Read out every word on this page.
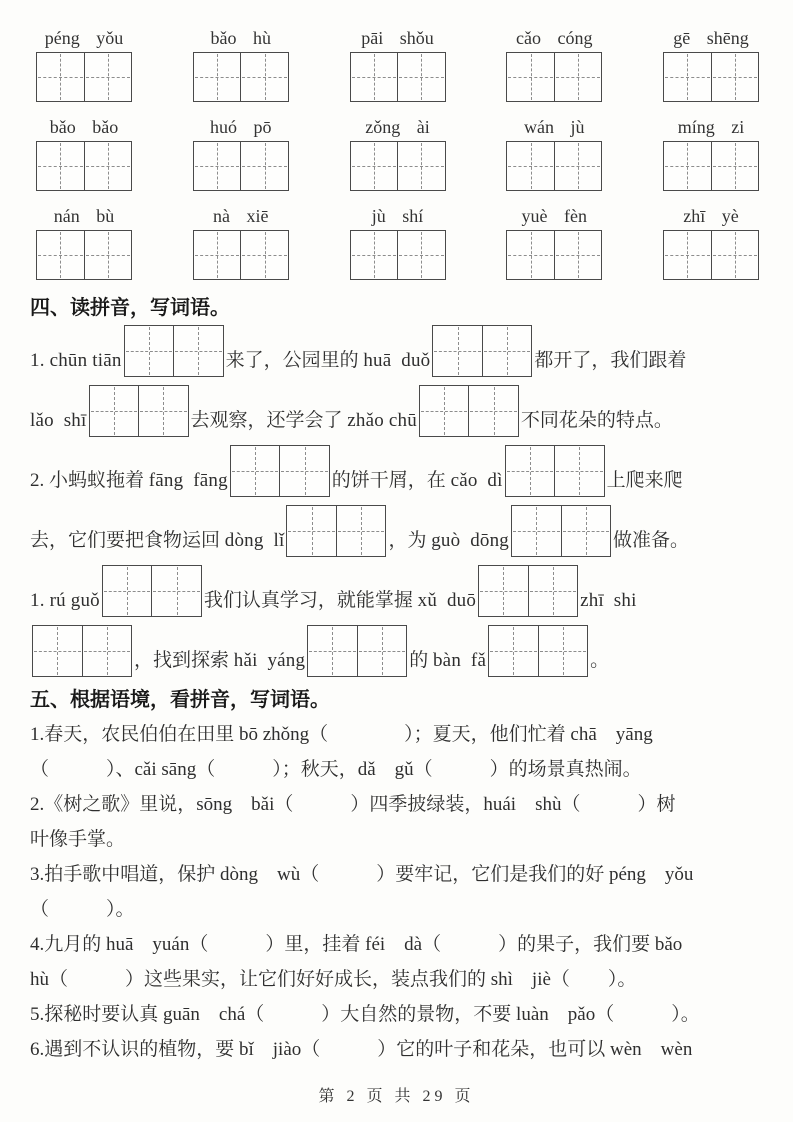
péng yǒu	bǎo hù	pāi shǒu	cǎo cóng	gē shēng
bǎo bǎo	huó pō	zǒng ài	wán jù	míng zi
nán bù	nà xiē	jù shí	yuè fèn	zhī yè
四、读拼音，写词语。
1. chūn tiān	来了，公园里的 huā  duǒ	都开了，我们跟着
lǎo  shī	去观察，还学会了 zhǎo chū	不同花朵的特点。
2. 小蚂蚁拖着 fāng  fāng	的饼干屑，在 cǎo  dì	上爬来爬
去，它们要把食物运回 dòng  lǐ	，为 guò  dōng	做准备。
1. rú guǒ	我们认真学习，就能掌握 xǔ  duō	zhī  shi
，找到探索 hǎi  yáng	的 bàn  fǎ	。
五、根据语境，看拼音，写词语。
1.春天，农民伯伯在田里 bō zhǒng（　　　　）；夏天，他们忙着 chā　yāng
（　　　）、cǎi sāng（　　　）；秋天，dǎ　gǔ（　　　）的场景真热闹。
2.《树之歌》里说，sōng　bǎi（　　　）四季披绿装，huái　shù（　　　）树
叶像手掌。
3.拍手歌中唱道，保护 dòng　wù（　　　）要牢记，它们是我们的好 péng　yǒu
（　　　）。
4.九月的 huā　yuán（　　　）里，挂着 féi　dà（　　　）的果子，我们要 bǎo
hù（　　　）这些果实，让它们好好成长，装点我们的 shì　jiè（　　）。
5.探秘时要认真 guān　chá（　　　）大自然的景物，不要 luàn　pǎo（　　　）。
6.遇到不认识的植物，要 bǐ　jiào（　　　）它的叶子和花朵，也可以 wèn　wèn
第 2 页 共 29 页
